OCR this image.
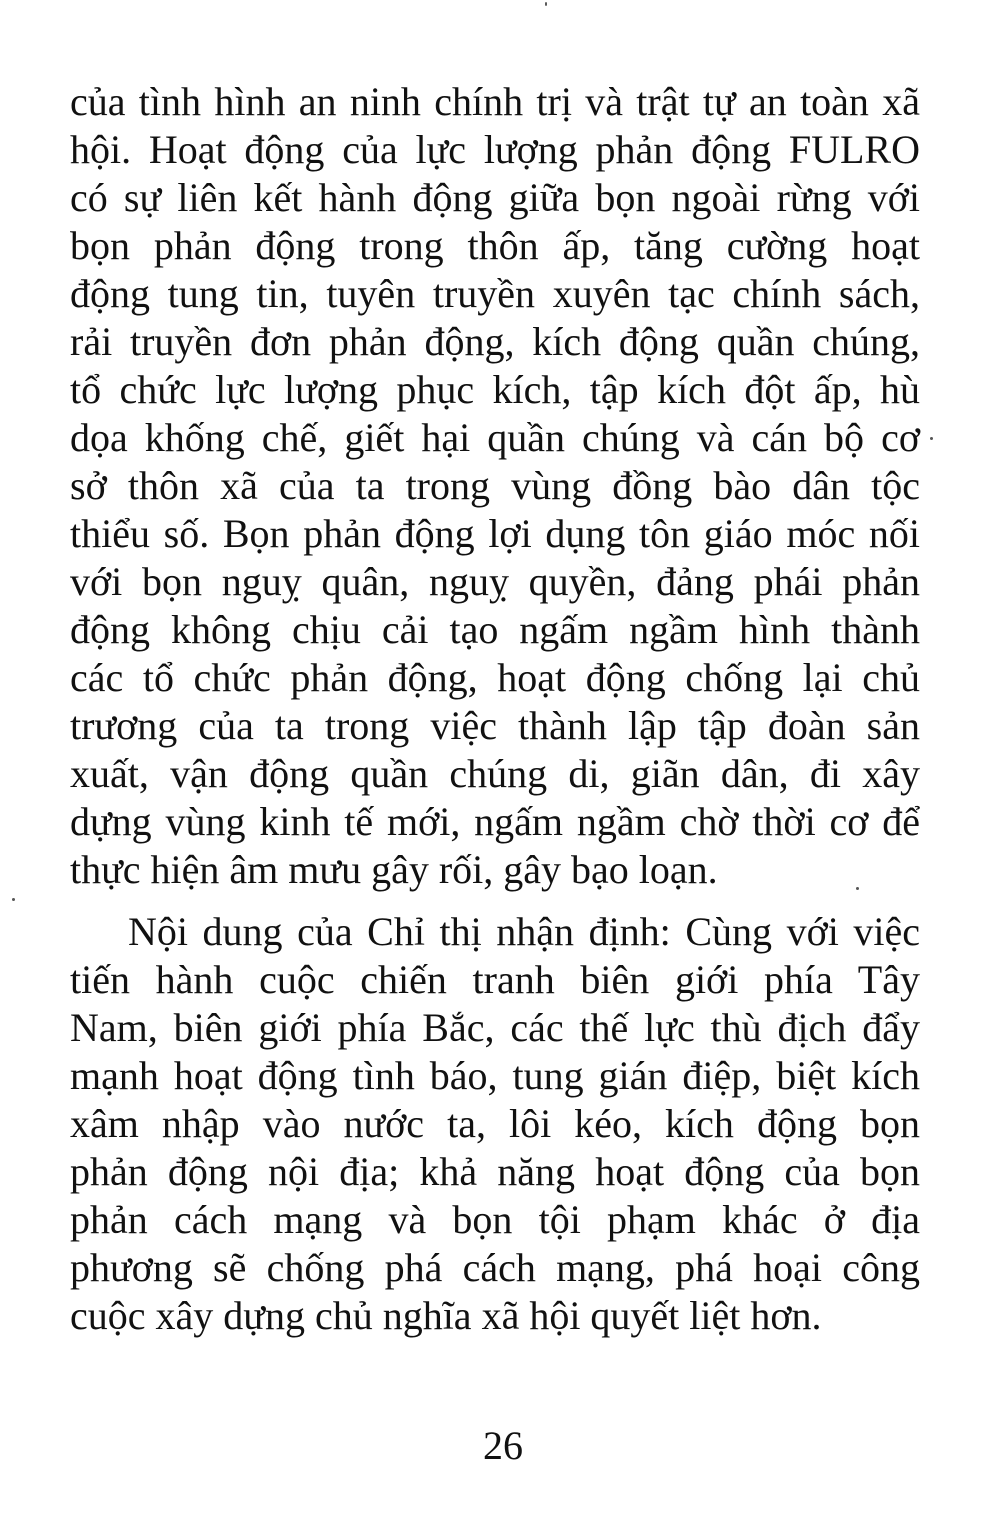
của tình hình an ninh chính trị và trật tự an toàn xã
hội. Hoạt động của lực lượng phản động FULRO
có sự liên kết hành động giữa bọn ngoài rừng với
bọn phản động trong thôn ấp, tăng cường hoạt
động tung tin, tuyên truyền xuyên tạc chính sách,
rải truyền đơn phản động, kích động quần chúng,
tổ chức lực lượng phục kích, tập kích đột ấp, hù
dọa khống chế, giết hại quần chúng và cán bộ cơ
sở thôn xã của ta trong vùng đồng bào dân tộc
thiểu số. Bọn phản động lợi dụng tôn giáo móc nối
với bọn nguỵ quân, nguỵ quyền, đảng phái phản
động không chịu cải tạo ngấm ngầm hình thành
các tổ chức phản động, hoạt động chống lại chủ
trương của ta trong việc thành lập tập đoàn sản
xuất, vận động quần chúng di, giãn dân, đi xây
dựng vùng kinh tế mới, ngấm ngầm chờ thời cơ để
thực hiện âm mưu gây rối, gây bạo loạn.
Nội dung của Chỉ thị nhận định: Cùng với việc
tiến hành cuộc chiến tranh biên giới phía Tây
Nam, biên giới phía Bắc, các thế lực thù địch đẩy
mạnh hoạt động tình báo, tung gián điệp, biệt kích
xâm nhập vào nước ta, lôi kéo, kích động bọn
phản động nội địa; khả năng hoạt động của bọn
phản cách mạng và bọn tội phạm khác ở địa
phương sẽ chống phá cách mạng, phá hoại công
cuộc xây dựng chủ nghĩa xã hội quyết liệt hơn.
26
